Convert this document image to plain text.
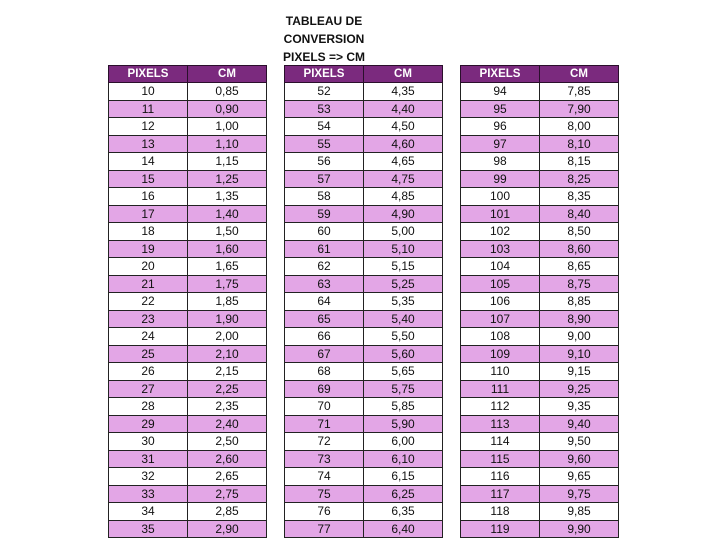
TABLEAU DE CONVERSION
PIXELS => CM
PIXELS	CM
10	0,85
11	0,90
12	1,00
13	1,10
14	1,15
15	1,25
16	1,35
17	1,40
18	1,50
19	1,60
20	1,65
21	1,75
22	1,85
23	1,90
24	2,00
25	2,10
26	2,15
27	2,25
28	2,35
29	2,40
30	2,50
31	2,60
32	2,65
33	2,75
34	2,85
35	2,90
PIXELS	CM
52	4,35
53	4,40
54	4,50
55	4,60
56	4,65
57	4,75
58	4,85
59	4,90
60	5,00
61	5,10
62	5,15
63	5,25
64	5,35
65	5,40
66	5,50
67	5,60
68	5,65
69	5,75
70	5,85
71	5,90
72	6,00
73	6,10
74	6,15
75	6,25
76	6,35
77	6,40
PIXELS	CM
94	7,85
95	7,90
96	8,00
97	8,10
98	8,15
99	8,25
100	8,35
101	8,40
102	8,50
103	8,60
104	8,65
105	8,75
106	8,85
107	8,90
108	9,00
109	9,10
110	9,15
111	9,25
112	9,35
113	9,40
114	9,50
115	9,60
116	9,65
117	9,75
118	9,85
119	9,90
